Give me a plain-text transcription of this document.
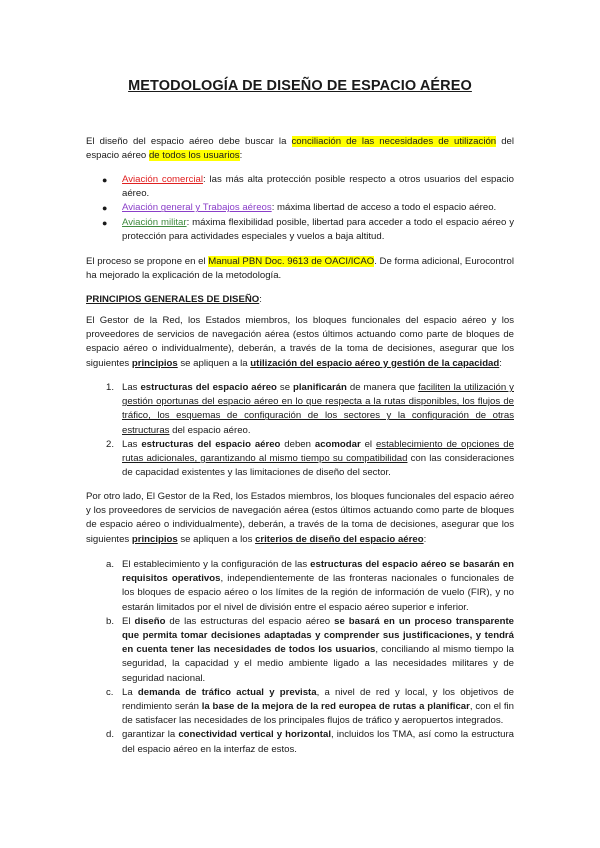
METODOLOGÍA DE DISEÑO DE ESPACIO AÉREO
El diseño del espacio aéreo debe buscar la conciliación de las necesidades de utilización del espacio aéreo de todos los usuarios:
● Aviación comercial: las más alta protección posible respecto a otros usuarios del espacio aéreo.
● Aviación general y Trabajos aéreos: máxima libertad de acceso a todo el espacio aéreo.
● Aviación militar: máxima flexibilidad posible, libertad para acceder a todo el espacio aéreo y protección para actividades especiales y vuelos a baja altitud.
El proceso se propone en el Manual PBN Doc. 9613 de OACI/ICAO. De forma adicional, Eurocontrol ha mejorado la explicación de la metodología.
PRINCIPIOS GENERALES DE DISEÑO:
El Gestor de la Red, los Estados miembros, los bloques funcionales del espacio aéreo y los proveedores de servicios de navegación aérea (estos últimos actuando como parte de bloques de espacio aéreo o individualmente), deberán, a través de la toma de decisiones, asegurar que los siguientes principios se apliquen a la utilización del espacio aéreo y gestión de la capacidad:
1. Las estructuras del espacio aéreo se planificarán de manera que faciliten la utilización y gestión oportunas del espacio aéreo en lo que respecta a la rutas disponibles, los flujos de tráfico, los esquemas de configuración de los sectores y la configuración de otras estructuras del espacio aéreo.
2. Las estructuras del espacio aéreo deben acomodar el establecimiento de opciones de rutas adicionales, garantizando al mismo tiempo su compatibilidad con las consideraciones de capacidad existentes y las limitaciones de diseño del sector.
Por otro lado, El Gestor de la Red, los Estados miembros, los bloques funcionales del espacio aéreo y los proveedores de servicios de navegación aérea (estos últimos actuando como parte de bloques de espacio aéreo o individualmente), deberán, a través de la toma de decisiones, asegurar que los siguientes principios se apliquen a los criterios de diseño del espacio aéreo:
a. El establecimiento y la configuración de las estructuras del espacio aéreo se basarán en requisitos operativos, independientemente de las fronteras nacionales o funcionales de los bloques de espacio aéreo o los límites de la región de información de vuelo (FIR), y no estarán limitados por el nivel de división entre el espacio aéreo superior e inferior.
b. El diseño de las estructuras del espacio aéreo se basará en un proceso transparente que permita tomar decisiones adaptadas y comprender sus justificaciones, y tendrá en cuenta tener las necesidades de todos los usuarios, conciliando al mismo tiempo la seguridad, la capacidad y el medio ambiente ligado a las necesidades militares y de seguridad nacional.
c. La demanda de tráfico actual y prevista, a nivel de red y local, y los objetivos de rendimiento serán la base de la mejora de la red europea de rutas a planificar, con el fin de satisfacer las necesidades de los principales flujos de tráfico y aeropuertos integrados.
d. garantizar la conectividad vertical y horizontal, incluidos los TMA, así como la estructura del espacio aéreo en la interfaz de estos.
